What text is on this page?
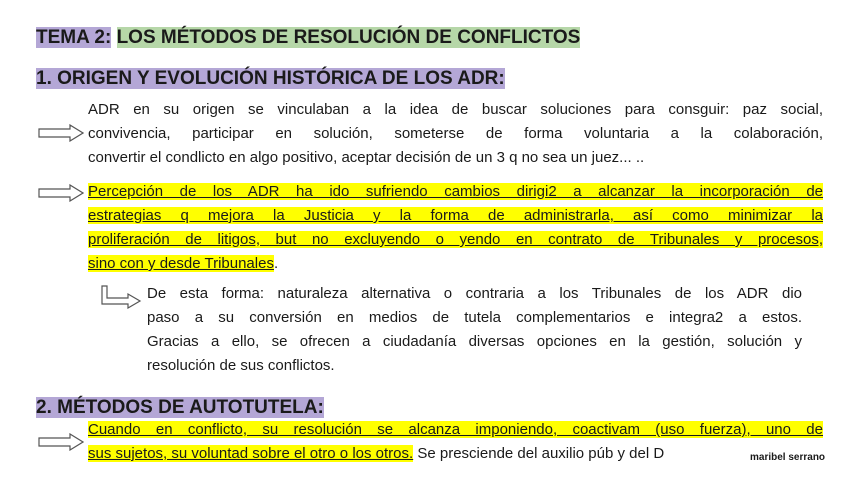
TEMA 2: LOS MÉTODOS DE RESOLUCIÓN DE CONFLICTOS
1. ORIGEN Y EVOLUCIÓN HISTÓRICA DE LOS ADR:
ADR en su origen se vinculaban a la idea de buscar soluciones para consguir: paz social,
convivencia, participar en solución, someterse de forma voluntaria a la colaboración,
convertir el condlicto en algo positivo, aceptar decisión de un 3 q no sea un juez... ..
Percepción de los ADR ha ido sufriendo cambios dirigi2 a alcanzar la incorporación de
estrategias q mejora la Justicia y la forma de administrarla, así como minimizar la
proliferación de litigos, but no excluyendo o yendo en contrato de Tribunales y procesos,
sino con y desde Tribunales.
De esta forma: naturaleza alternativa o contraria a los Tribunales de los ADR dio
paso a su conversión en medios de tutela complementarios e integra2 a estos.
Gracias a ello, se ofrecen a ciudadanía diversas opciones en la gestión, solución y
resolución de sus conflictos.
2. MÉTODOS DE AUTOTUTELA:
Cuando en conflicto, su resolución se alcanza imponiendo, coactivam (uso fuerza), uno de
sus sujetos, su voluntad sobre el otro o los otros. Se presciende del auxilio púb y del D	maribel serrano
